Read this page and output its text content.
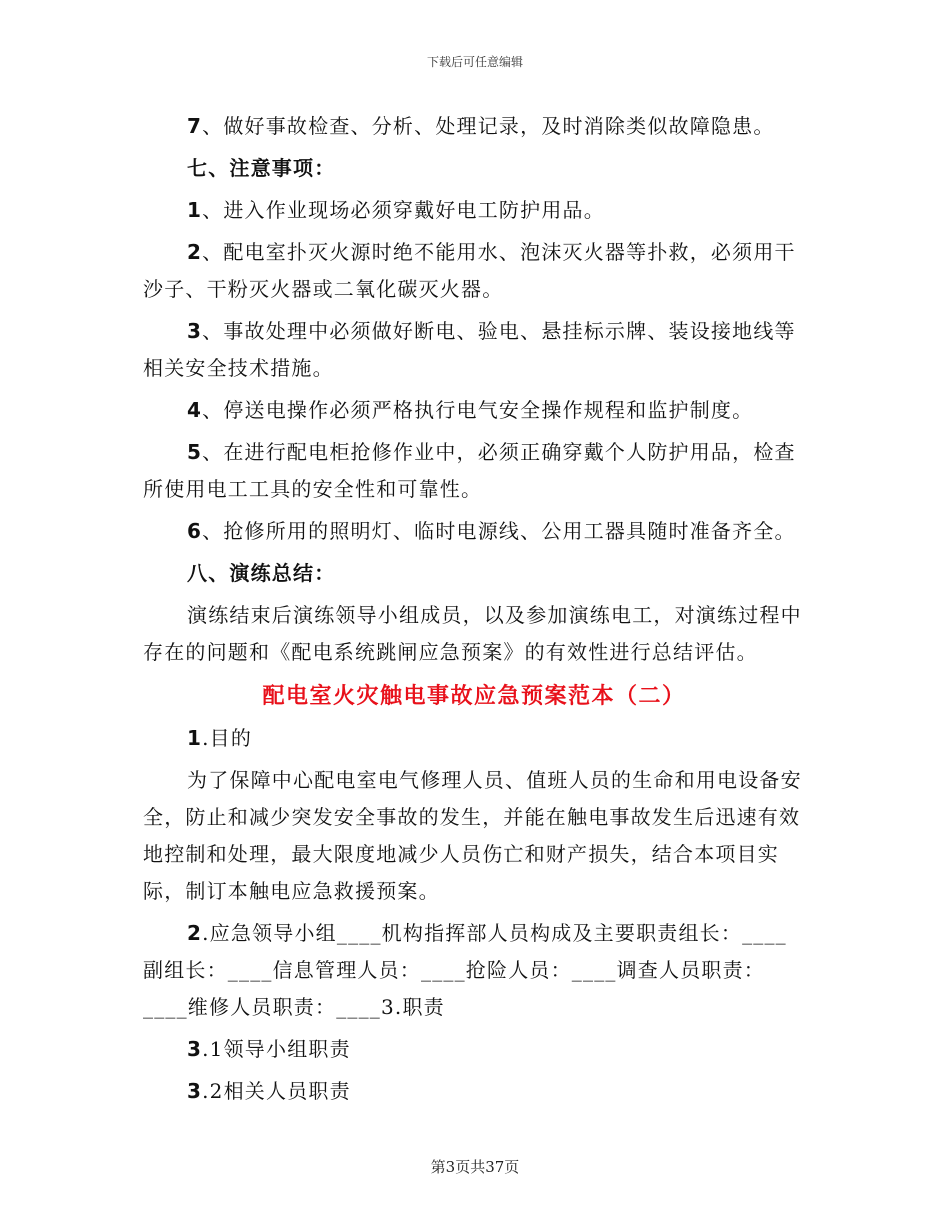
下载后可任意编辑

7、做好事故检查、分析、处理记录，及时消除类似故障隐患。

七、注意事项：

1、进入作业现场必须穿戴好电工防护用品。

2、配电室扑灭火源时绝不能用水、泡沫灭火器等扑救，必须用干沙子、干粉灭火器或二氧化碳灭火器。

3、事故处理中必须做好断电、验电、悬挂标示牌、装设接地线等相关安全技术措施。

4、停送电操作必须严格执行电气安全操作规程和监护制度。

5、在进行配电柜抢修作业中，必须正确穿戴个人防护用品，检查所使用电工工具的安全性和可靠性。

6、抢修所用的照明灯、临时电源线、公用工器具随时准备齐全。

八、演练总结：

演练结束后演练领导小组成员，以及参加演练电工，对演练过程中存在的问题和《配电系统跳闸应急预案》的有效性进行总结评估。

配电室火灾触电事故应急预案范本（二）

1.目的

为了保障中心配电室电气修理人员、值班人员的生命和用电设备安全，防止和减少突发安全事故的发生，并能在触电事故发生后迅速有效地控制和处理，最大限度地减少人员伤亡和财产损失，结合本项目实际，制订本触电应急救援预案。

2.应急领导小组____机构指挥部人员构成及主要职责组长：____副组长：____信息管理人员：____抢险人员：____调查人员职责：____维修人员职责：____3.职责

3.1领导小组职责

3.2相关人员职责

第3页共37页
